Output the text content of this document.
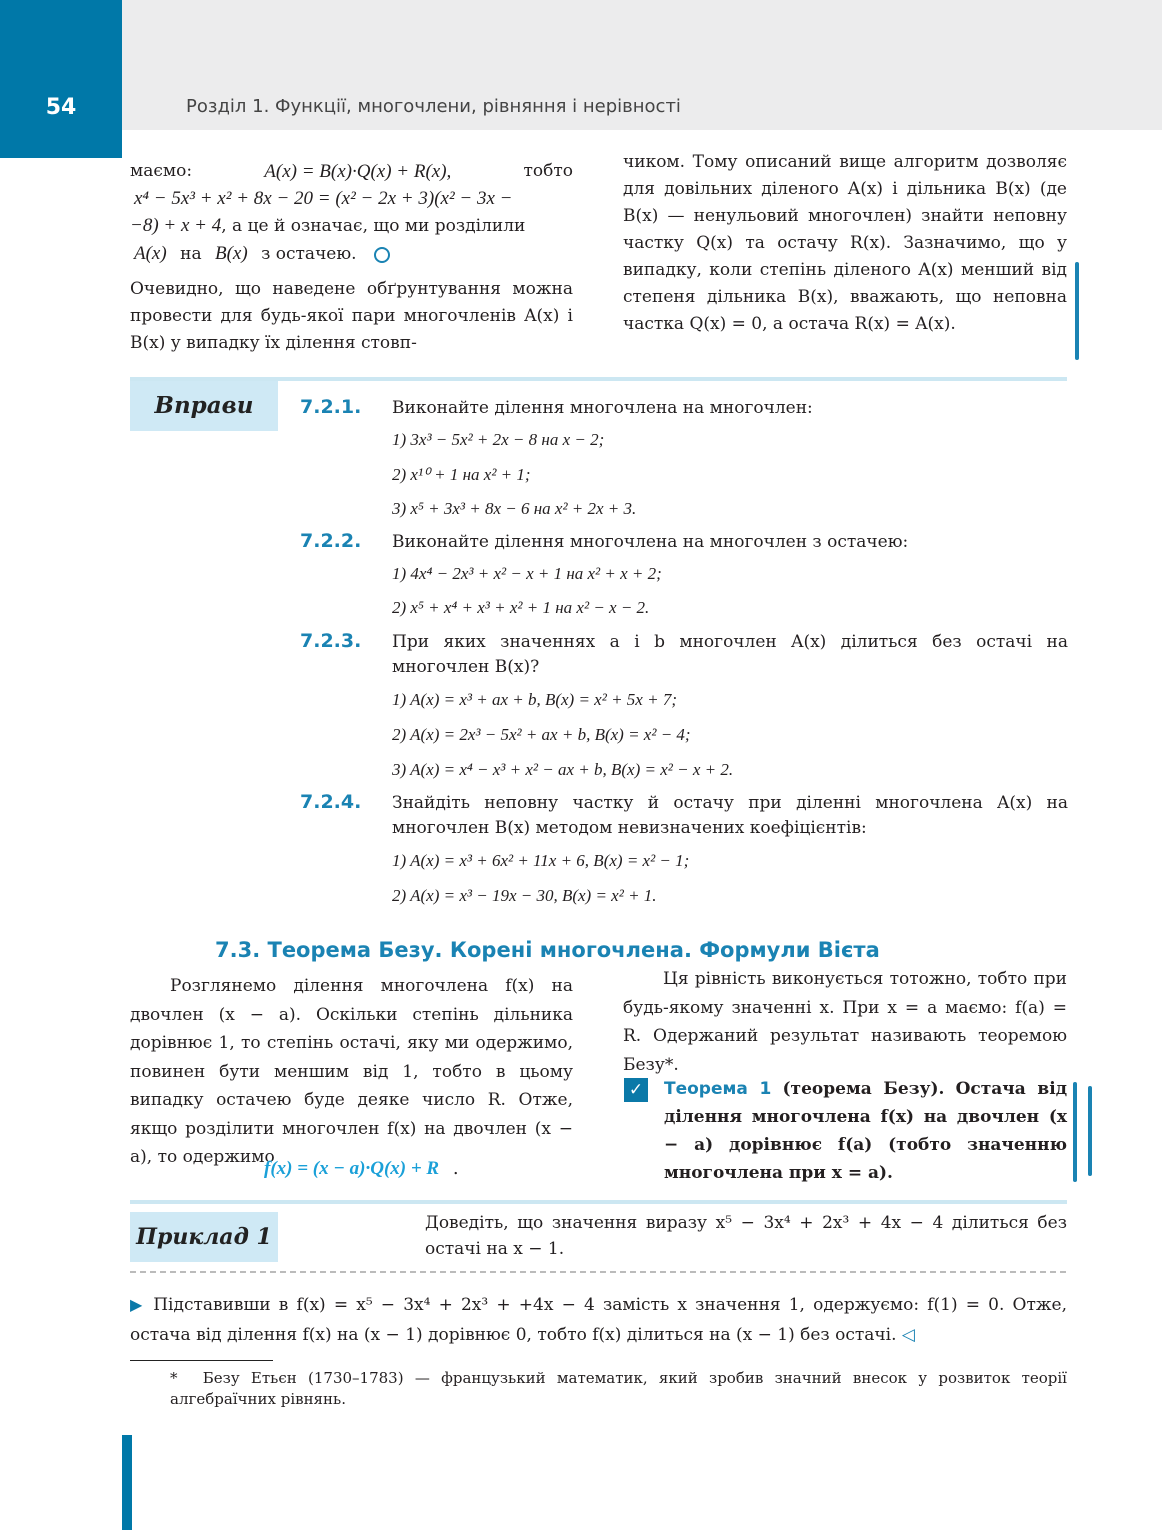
54	Розділ 1. Функції, многочлени, рівняння і нерівності
маємо:	A(x) = B(x)·Q(x) + R(x),	тобто
x⁴ − 5x³ + x² + 8x − 20 = (x² − 2x + 3)(x² − 3x −
−8) + x + 4, а це й означає, що ми розділили
A(x) на B(x) з остачею.

Очевидно, що наведене обґрунтування можна провести для будь-якої пари многочленів A(x) і B(x) у випадку їх ділення стовп-

чиком. Тому описаний вище алгоритм дозволяє для довільних діленого A(x) і дільника B(x) (де B(x) — ненульовий многочлен) знайти неповну частку Q(x) та остачу R(x). Зазначимо, що у випадку, коли степінь діленого A(x) менший від степеня дільника B(x), вважають, що неповна частка Q(x) = 0, а остача R(x) = A(x).

Вправи	7.2.1. Виконайте ділення многочлена на многочлен:
1) 3x³ − 5x² + 2x − 8 на x − 2;
2) x¹⁰ + 1 на x² + 1;
3) x⁵ + 3x³ + 8x − 6 на x² + 2x + 3.
7.2.2. Виконайте ділення многочлена на многочлен з остачею:
1) 4x⁴ − 2x³ + x² − x + 1 на x² + x + 2;
2) x⁵ + x⁴ + x³ + x² + 1 на x² − x − 2.
7.2.3. При яких значеннях a і b многочлен A(x) ділиться без остачі на многочлен B(x)?
1) A(x) = x³ + ax + b, B(x) = x² + 5x + 7;
2) A(x) = 2x³ − 5x² + ax + b, B(x) = x² − 4;
3) A(x) = x⁴ − x³ + x² − ax + b, B(x) = x² − x + 2.
7.2.4. Знайдіть неповну частку й остачу при діленні многочлена A(x) на многочлен B(x) методом невизначених коефіцієнтів:
1) A(x) = x³ + 6x² + 11x + 6, B(x) = x² − 1;
2) A(x) = x³ − 19x − 30, B(x) = x² + 1.
7.3. Теорема Безу. Корені многочлена. Формули Вієта

Розглянемо ділення многочлена f(x) на двочлен (x − a). Оскільки степінь дільника дорівнює 1, то степінь остачі, яку ми одержимо, повинен бути меншим від 1, тобто в цьому випадку остачею буде деяке число R. Отже, якщо розділити многочлен f(x) на двочлен (x − a), то одержимо

f(x) = (x − a)·Q(x) + R .

Ця рівність виконується тотожно, тобто при будь-якому значенні x. При x = a маємо: f(a) = R. Одержаний результат називають теоремою Безу*.

✓ Теорема 1 (теорема Безу). Остача від ділення многочлена f(x) на двочлен (x − a) дорівнює f(a) (тобто значенню многочлена при x = a).
Приклад 1
Доведіть, що значення виразу x⁵ − 3x⁴ + 2x³ + 4x − 4 ділиться без остачі на x − 1.
▶ Підставивши в f(x) = x⁵ − 3x⁴ + 2x³ + +4x − 4 замість x значення 1, одержуємо: f(1) = 0. Отже, остача від ділення f(x) на (x − 1) дорівнює 0, тобто f(x) ділиться на (x − 1) без остачі. ◁
* Безу Етьєн (1730–1783) — французький математик, який зробив значний внесок у розвиток теорії алгебраїчних рівнянь.
